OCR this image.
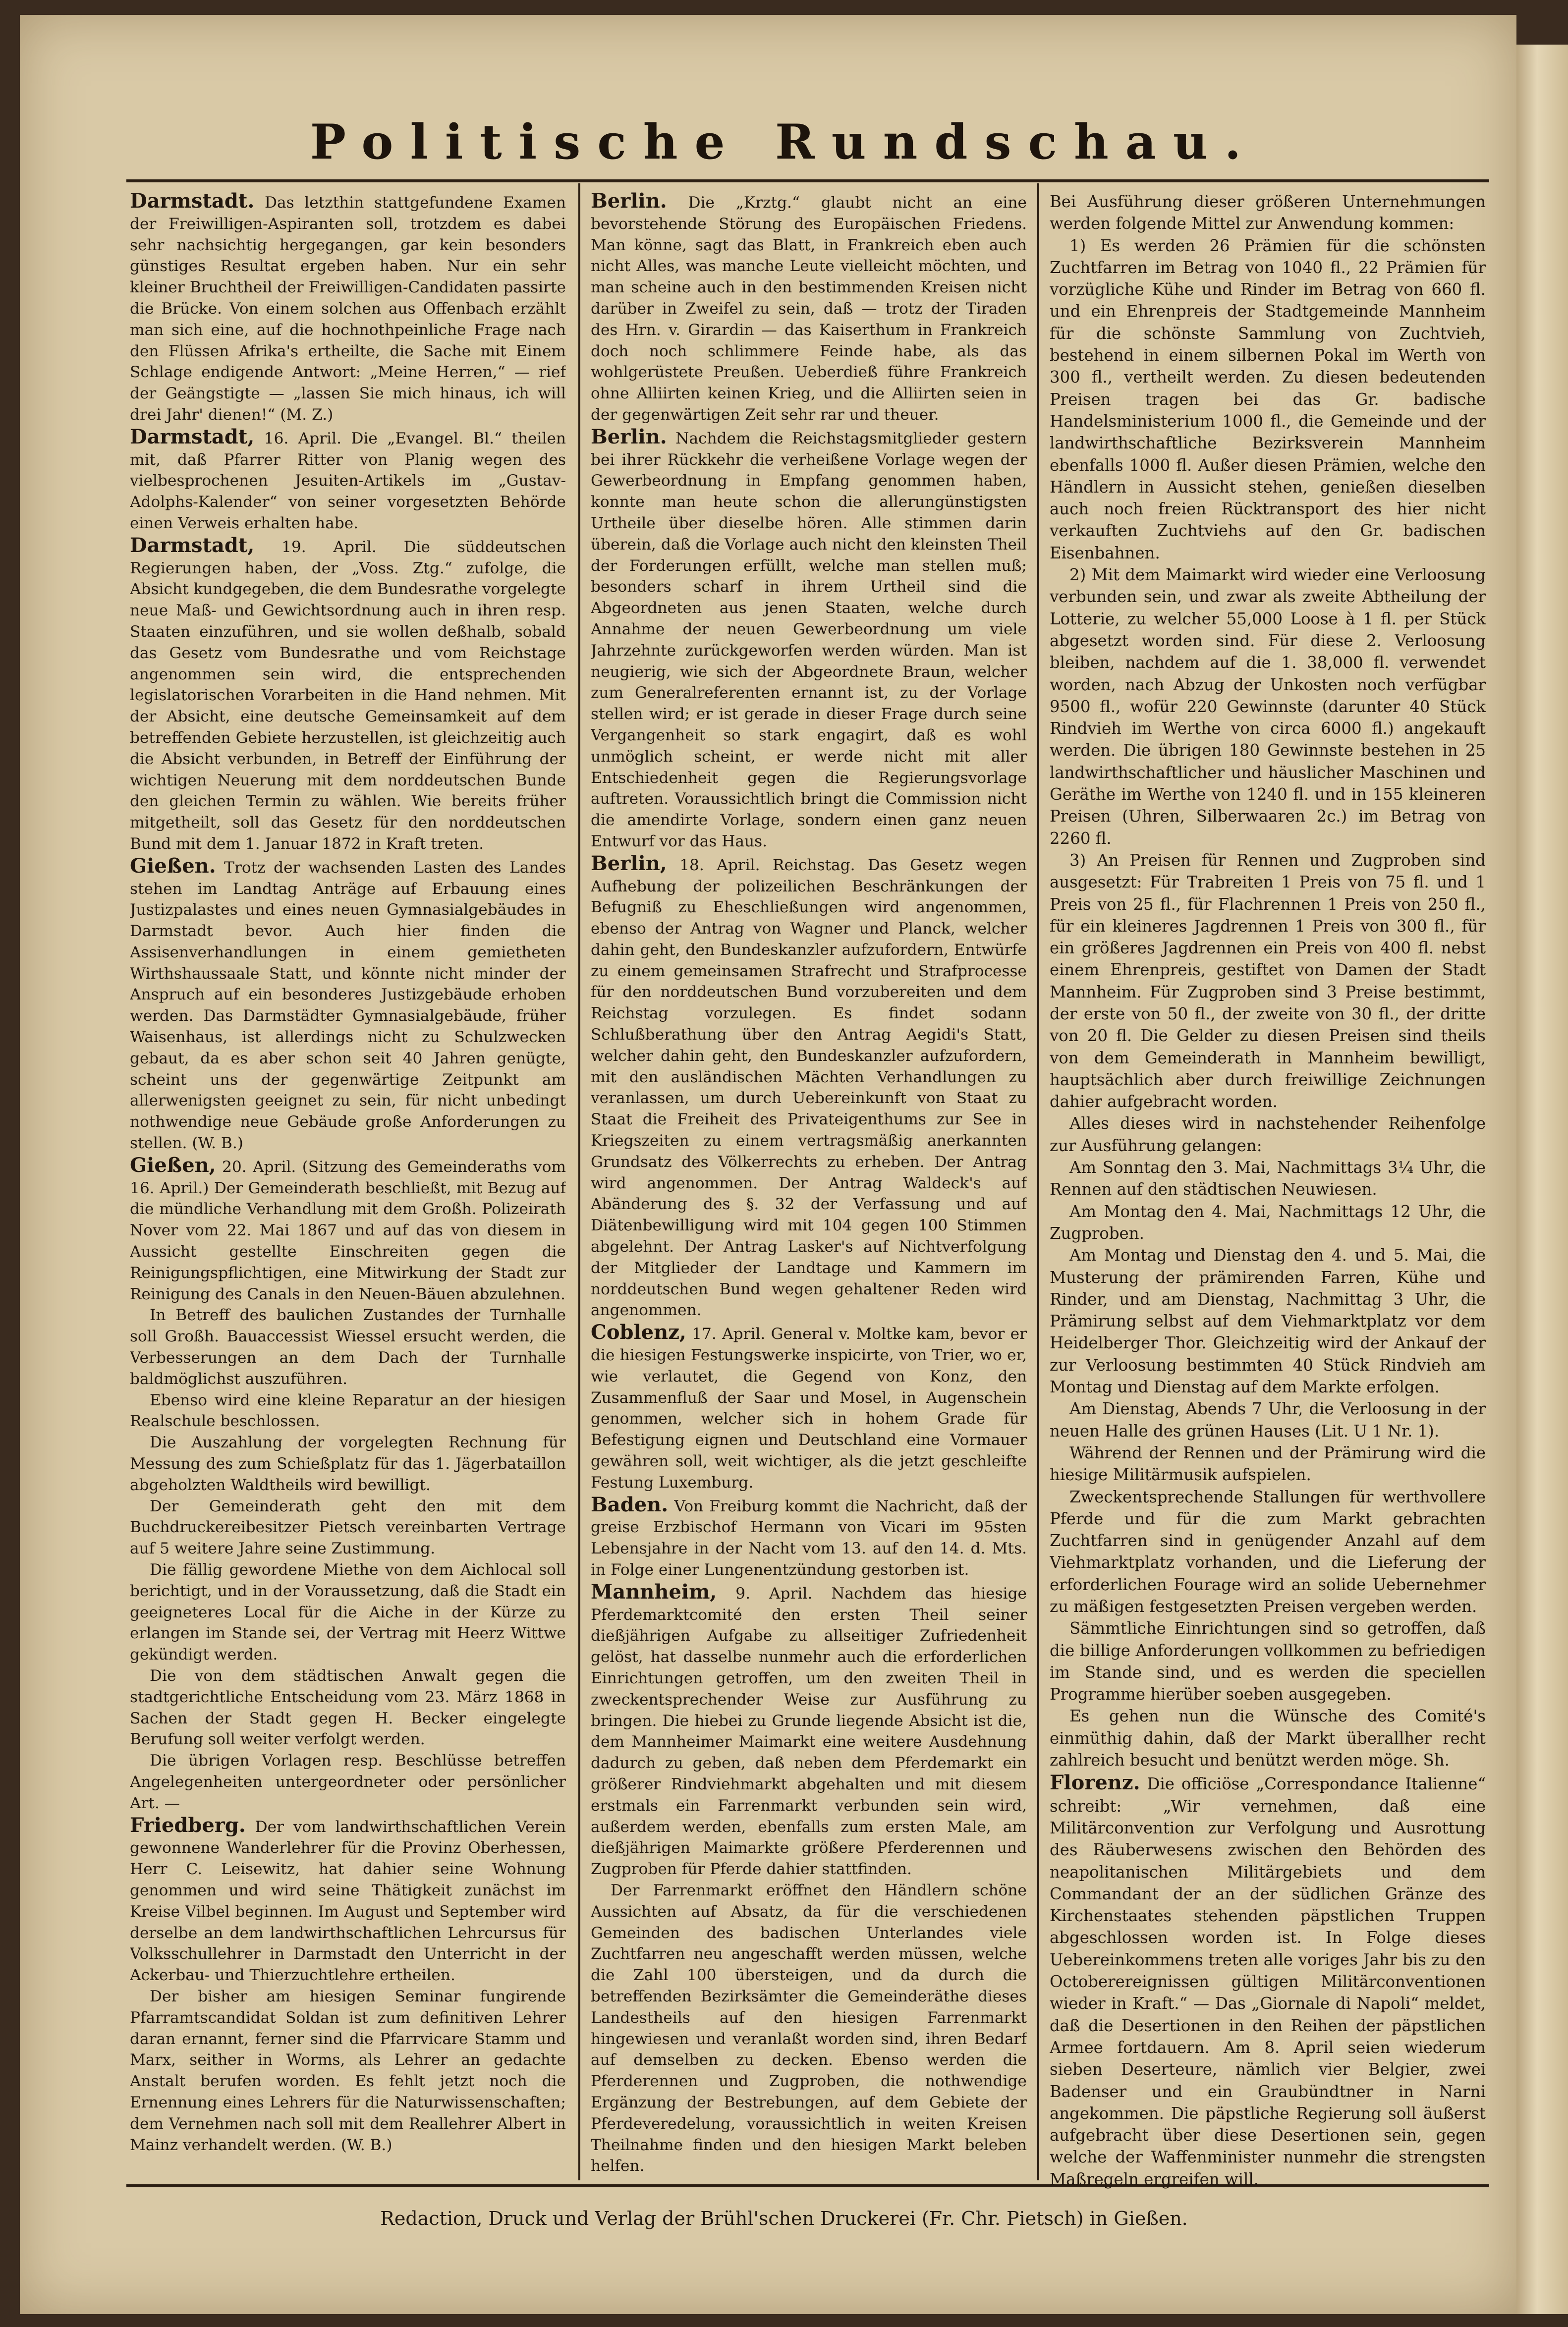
Politische Rundschau.

Darmstadt. Das letzthin stattgefundene Examen der Freiwilligen-Aspiranten soll, trotzdem es dabei sehr nachsichtig hergegangen, gar kein besonders günstiges Resultat ergeben haben. Nur ein sehr kleiner Bruchtheil der Freiwilligen-Candidaten passirte die Brücke. Von einem solchen aus Offenbach erzählt man sich eine, auf die hochnothpeinliche Frage nach den Flüssen Afrika's ertheilte, die Sache mit Einem Schlage endigende Antwort: „Meine Herren,“ — rief der Geängstigte — „lassen Sie mich hinaus, ich will drei Jahr' dienen!“ (M. Z.)

Darmstadt, 16. April. Die „Evangel. Bl.“ theilen mit, daß Pfarrer Ritter von Planig wegen des vielbesprochenen Jesuiten-Artikels im „Gustav-Adolphs-Kalender“ von seiner vorgesetzten Behörde einen Verweis erhalten habe.

Darmstadt, 19. April. Die süddeutschen Regierungen haben, der „Voss. Ztg.“ zufolge, die Absicht kundgegeben, die dem Bundesrathe vorgelegte neue Maß- und Gewichtsordnung auch in ihren resp. Staaten einzuführen, und sie wollen deßhalb, sobald das Gesetz vom Bundesrathe und vom Reichstage angenommen sein wird, die entsprechenden legislatorischen Vorarbeiten in die Hand nehmen. Mit der Absicht, eine deutsche Gemeinsamkeit auf dem betreffenden Gebiete herzustellen, ist gleichzeitig auch die Absicht verbunden, in Betreff der Einführung der wichtigen Neuerung mit dem norddeutschen Bunde den gleichen Termin zu wählen. Wie bereits früher mitgetheilt, soll das Gesetz für den norddeutschen Bund mit dem 1. Januar 1872 in Kraft treten.

Gießen. Trotz der wachsenden Lasten des Landes stehen im Landtag Anträge auf Erbauung eines Justizpalastes und eines neuen Gymnasialgebäudes in Darmstadt bevor. Auch hier finden die Assisenverhandlungen in einem gemietheten Wirthshaussaale Statt, und könnte nicht minder der Anspruch auf ein besonderes Justizgebäude erhoben werden. Das Darmstädter Gymnasialgebäude, früher Waisenhaus, ist allerdings nicht zu Schulzwecken gebaut, da es aber schon seit 40 Jahren genügte, scheint uns der gegenwärtige Zeitpunkt am allerwenigsten geeignet zu sein, für nicht unbedingt nothwendige neue Gebäude große Anforderungen zu stellen. (W. B.)

Gießen, 20. April. (Sitzung des Gemeinderaths vom 16. April.) Der Gemeinderath beschließt, mit Bezug auf die mündliche Verhandlung mit dem Großh. Polizeirath Nover vom 22. Mai 1867 und auf das von diesem in Aussicht gestellte Einschreiten gegen die Reinigungspflichtigen, eine Mitwirkung der Stadt zur Reinigung des Canals in den Neuen-Bäuen abzulehnen.

In Betreff des baulichen Zustandes der Turnhalle soll Großh. Bauaccessist Wiessel ersucht werden, die Verbesserungen an dem Dach der Turnhalle baldmöglichst auszuführen.

Ebenso wird eine kleine Reparatur an der hiesigen Realschule beschlossen.

Die Auszahlung der vorgelegten Rechnung für Messung des zum Schießplatz für das 1. Jägerbataillon abgeholzten Waldtheils wird bewilligt.

Der Gemeinderath geht den mit dem Buchdruckereibesitzer Pietsch vereinbarten Vertrage auf 5 weitere Jahre seine Zustimmung.

Die fällig gewordene Miethe von dem Aichlocal soll berichtigt, und in der Voraussetzung, daß die Stadt ein geeigneteres Local für die Aiche in der Kürze zu erlangen im Stande sei, der Vertrag mit Heerz Wittwe gekündigt werden.

Die von dem städtischen Anwalt gegen die stadtgerichtliche Entscheidung vom 23. März 1868 in Sachen der Stadt gegen H. Becker eingelegte Berufung soll weiter verfolgt werden.

Die übrigen Vorlagen resp. Beschlüsse betreffen Angelegenheiten untergeordneter oder persönlicher Art. —

Friedberg. Der vom landwirthschaftlichen Verein gewonnene Wanderlehrer für die Provinz Oberhessen, Herr C. Leisewitz, hat dahier seine Wohnung genommen und wird seine Thätigkeit zunächst im Kreise Vilbel beginnen. Im August und September wird derselbe an dem landwirthschaftlichen Lehrcursus für Volksschullehrer in Darmstadt den Unterricht in der Ackerbau- und Thierzuchtlehre ertheilen.

Der bisher am hiesigen Seminar fungirende Pfarramtscandidat Soldan ist zum definitiven Lehrer daran ernannt, ferner sind die Pfarrvicare Stamm und Marx, seither in Worms, als Lehrer an gedachte Anstalt berufen worden. Es fehlt jetzt noch die Ernennung eines Lehrers für die Naturwissenschaften; dem Vernehmen nach soll mit dem Reallehrer Albert in Mainz verhandelt werden. (W. B.)

Berlin. Die „Krztg.“ glaubt nicht an eine bevorstehende Störung des Europäischen Friedens. Man könne, sagt das Blatt, in Frankreich eben auch nicht Alles, was manche Leute vielleicht möchten, und man scheine auch in den bestimmenden Kreisen nicht darüber in Zweifel zu sein, daß — trotz der Tiraden des Hrn. v. Girardin — das Kaiserthum in Frankreich doch noch schlimmere Feinde habe, als das wohlgerüstete Preußen. Ueberdieß führe Frankreich ohne Alliirten keinen Krieg, und die Alliirten seien in der gegenwärtigen Zeit sehr rar und theuer.

Berlin. Nachdem die Reichstagsmitglieder gestern bei ihrer Rückkehr die verheißene Vorlage wegen der Gewerbeordnung in Empfang genommen haben, konnte man heute schon die allerungünstigsten Urtheile über dieselbe hören. Alle stimmen darin überein, daß die Vorlage auch nicht den kleinsten Theil der Forderungen erfüllt, welche man stellen muß; besonders scharf in ihrem Urtheil sind die Abgeordneten aus jenen Staaten, welche durch Annahme der neuen Gewerbeordnung um viele Jahrzehnte zurückgeworfen werden würden. Man ist neugierig, wie sich der Abgeordnete Braun, welcher zum Generalreferenten ernannt ist, zu der Vorlage stellen wird; er ist gerade in dieser Frage durch seine Vergangenheit so stark engagirt, daß es wohl unmöglich scheint, er werde nicht mit aller Entschiedenheit gegen die Regierungsvorlage auftreten. Voraussichtlich bringt die Commission nicht die amendirte Vorlage, sondern einen ganz neuen Entwurf vor das Haus.

Berlin, 18. April. Reichstag. Das Gesetz wegen Aufhebung der polizeilichen Beschränkungen der Befugniß zu Eheschließungen wird angenommen, ebenso der Antrag von Wagner und Planck, welcher dahin geht, den Bundeskanzler aufzufordern, Entwürfe zu einem gemeinsamen Strafrecht und Strafprocesse für den norddeutschen Bund vorzubereiten und dem Reichstag vorzulegen. Es findet sodann Schlußberathung über den Antrag Aegidi's Statt, welcher dahin geht, den Bundeskanzler aufzufordern, mit den ausländischen Mächten Verhandlungen zu veranlassen, um durch Uebereinkunft von Staat zu Staat die Freiheit des Privateigenthums zur See in Kriegszeiten zu einem vertragsmäßig anerkannten Grundsatz des Völkerrechts zu erheben. Der Antrag wird angenommen. Der Antrag Waldeck's auf Abänderung des §. 32 der Verfassung und auf Diätenbewilligung wird mit 104 gegen 100 Stimmen abgelehnt. Der Antrag Lasker's auf Nichtverfolgung der Mitglieder der Landtage und Kammern im norddeutschen Bund wegen gehaltener Reden wird angenommen.

Coblenz, 17. April. General v. Moltke kam, bevor er die hiesigen Festungswerke inspicirte, von Trier, wo er, wie verlautet, die Gegend von Konz, den Zusammenfluß der Saar und Mosel, in Augenschein genommen, welcher sich in hohem Grade für Befestigung eignen und Deutschland eine Vormauer gewähren soll, weit wichtiger, als die jetzt geschleifte Festung Luxemburg.

Baden. Von Freiburg kommt die Nachricht, daß der greise Erzbischof Hermann von Vicari im 95sten Lebensjahre in der Nacht vom 13. auf den 14. d. Mts. in Folge einer Lungenentzündung gestorben ist.

Mannheim, 9. April. Nachdem das hiesige Pferdemarktcomité den ersten Theil seiner dießjährigen Aufgabe zu allseitiger Zufriedenheit gelöst, hat dasselbe nunmehr auch die erforderlichen Einrichtungen getroffen, um den zweiten Theil in zweckentsprechender Weise zur Ausführung zu bringen. Die hiebei zu Grunde liegende Absicht ist die, dem Mannheimer Maimarkt eine weitere Ausdehnung dadurch zu geben, daß neben dem Pferdemarkt ein größerer Rindviehmarkt abgehalten und mit diesem erstmals ein Farrenmarkt verbunden sein wird, außerdem werden, ebenfalls zum ersten Male, am dießjährigen Maimarkte größere Pferderennen und Zugproben für Pferde dahier stattfinden.

Der Farrenmarkt eröffnet den Händlern schöne Aussichten auf Absatz, da für die verschiedenen Gemeinden des badischen Unterlandes viele Zuchtfarren neu angeschafft werden müssen, welche die Zahl 100 übersteigen, und da durch die betreffenden Bezirksämter die Gemeinderäthe dieses Landestheils auf den hiesigen Farrenmarkt hingewiesen und veranlaßt worden sind, ihren Bedarf auf demselben zu decken. Ebenso werden die Pferderennen und Zugproben, die nothwendige Ergänzung der Bestrebungen, auf dem Gebiete der Pferdeveredelung, voraussichtlich in weiten Kreisen Theilnahme finden und den hiesigen Markt beleben helfen.

Bei Ausführung dieser größeren Unternehmungen werden folgende Mittel zur Anwendung kommen:

1) Es werden 26 Prämien für die schönsten Zuchtfarren im Betrag von 1040 fl., 22 Prämien für vorzügliche Kühe und Rinder im Betrag von 660 fl. und ein Ehrenpreis der Stadtgemeinde Mannheim für die schönste Sammlung von Zuchtvieh, bestehend in einem silbernen Pokal im Werth von 300 fl., vertheilt werden. Zu diesen bedeutenden Preisen tragen bei das Gr. badische Handelsministerium 1000 fl., die Gemeinde und der landwirthschaftliche Bezirksverein Mannheim ebenfalls 1000 fl. Außer diesen Prämien, welche den Händlern in Aussicht stehen, genießen dieselben auch noch freien Rücktransport des hier nicht verkauften Zuchtviehs auf den Gr. badischen Eisenbahnen.

2) Mit dem Maimarkt wird wieder eine Verloosung verbunden sein, und zwar als zweite Abtheilung der Lotterie, zu welcher 55,000 Loose à 1 fl. per Stück abgesetzt worden sind. Für diese 2. Verloosung bleiben, nachdem auf die 1. 38,000 fl. verwendet worden, nach Abzug der Unkosten noch verfügbar 9500 fl., wofür 220 Gewinnste (darunter 40 Stück Rindvieh im Werthe von circa 6000 fl.) angekauft werden. Die übrigen 180 Gewinnste bestehen in 25 landwirthschaftlicher und häuslicher Maschinen und Geräthe im Werthe von 1240 fl. und in 155 kleineren Preisen (Uhren, Silberwaaren 2c.) im Betrag von 2260 fl.

3) An Preisen für Rennen und Zugproben sind ausgesetzt: Für Trabreiten 1 Preis von 75 fl. und 1 Preis von 25 fl., für Flachrennen 1 Preis von 250 fl., für ein kleineres Jagdrennen 1 Preis von 300 fl., für ein größeres Jagdrennen ein Preis von 400 fl. nebst einem Ehrenpreis, gestiftet von Damen der Stadt Mannheim. Für Zugproben sind 3 Preise bestimmt, der erste von 50 fl., der zweite von 30 fl., der dritte von 20 fl. Die Gelder zu diesen Preisen sind theils von dem Gemeinderath in Mannheim bewilligt, hauptsächlich aber durch freiwillige Zeichnungen dahier aufgebracht worden.

Alles dieses wird in nachstehender Reihenfolge zur Ausführung gelangen:

Am Sonntag den 3. Mai, Nachmittags 3¼ Uhr, die Rennen auf den städtischen Neuwiesen.

Am Montag den 4. Mai, Nachmittags 12 Uhr, die Zugproben.

Am Montag und Dienstag den 4. und 5. Mai, die Musterung der prämirenden Farren, Kühe und Rinder, und am Dienstag, Nachmittag 3 Uhr, die Prämirung selbst auf dem Viehmarktplatz vor dem Heidelberger Thor. Gleichzeitig wird der Ankauf der zur Verloosung bestimmten 40 Stück Rindvieh am Montag und Dienstag auf dem Markte erfolgen.

Am Dienstag, Abends 7 Uhr, die Verloosung in der neuen Halle des grünen Hauses (Lit. U 1 Nr. 1).

Während der Rennen und der Prämirung wird die hiesige Militärmusik aufspielen.

Zweckentsprechende Stallungen für werthvollere Pferde und für die zum Markt gebrachten Zuchtfarren sind in genügender Anzahl auf dem Viehmarktplatz vorhanden, und die Lieferung der erforderlichen Fourage wird an solide Uebernehmer zu mäßigen festgesetzten Preisen vergeben werden.

Sämmtliche Einrichtungen sind so getroffen, daß die billige Anforderungen vollkommen zu befriedigen im Stande sind, und es werden die speciellen Programme hierüber soeben ausgegeben.

Es gehen nun die Wünsche des Comité's einmüthig dahin, daß der Markt überallher recht zahlreich besucht und benützt werden möge. Sh.

Florenz. Die officiöse „Correspondance Italienne“ schreibt: „Wir vernehmen, daß eine Militärconvention zur Verfolgung und Ausrottung des Räuberwesens zwischen den Behörden des neapolitanischen Militärgebiets und dem Commandant der an der südlichen Gränze des Kirchenstaates stehenden päpstlichen Truppen abgeschlossen worden ist. In Folge dieses Uebereinkommens treten alle voriges Jahr bis zu den Octoberereignissen gültigen Militärconventionen wieder in Kraft.“ — Das „Giornale di Napoli“ meldet, daß die Desertionen in den Reihen der päpstlichen Armee fortdauern. Am 8. April seien wiederum sieben Deserteure, nämlich vier Belgier, zwei Badenser und ein Graubündtner in Narni angekommen. Die päpstliche Regierung soll äußerst aufgebracht über diese Desertionen sein, gegen welche der Waffenminister nunmehr die strengsten Maßregeln ergreifen will.

Redaction, Druck und Verlag der Brühl'schen Druckerei (Fr. Chr. Pietsch) in Gießen.
